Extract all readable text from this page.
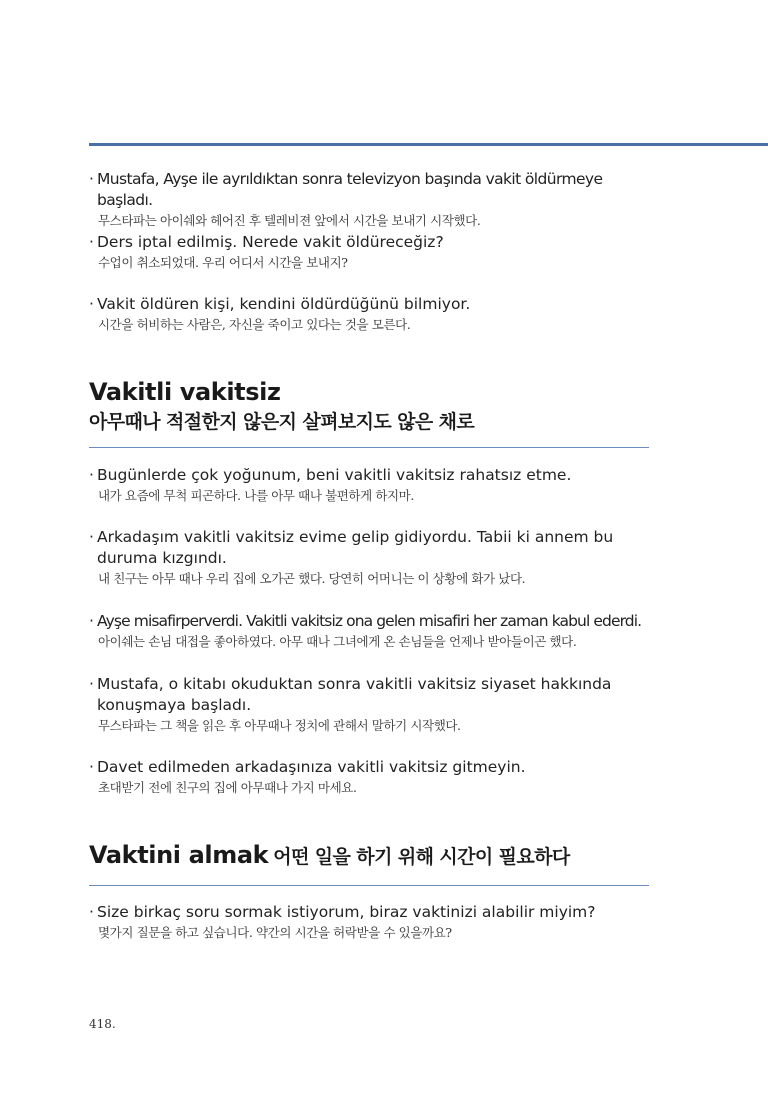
· Mustafa, Ayşe ile ayrıldıktan sonra televizyon başında vakit öldürmeye başladı.
무스타파는 아이쉐와 헤어진 후 텔레비젼 앞에서 시간을 보내기 시작했다.
· Ders iptal edilmiş. Nerede vakit öldüreceğiz?
수업이 취소되었대. 우리 어디서 시간을 보내지?
· Vakit öldüren kişi, kendini öldürdüğünü bilmiyor.
시간을 허비하는 사람은, 자신을 죽이고 있다는 것을 모른다.
Vakitli vakitsiz
아무때나 적절한지 않은지 살펴보지도 않은 채로
· Bugünlerde çok yoğunum, beni vakitli vakitsiz rahatsız etme.
내가 요즘에 무척 피곤하다. 나를 아무 때나 불편하게 하지마.
· Arkadaşım vakitli vakitsiz evime gelip gidiyordu. Tabii ki annem bu duruma kızgındı.
내 친구는 아무 때나 우리 집에 오가곤 했다. 당연히 어머니는 이 상황에 화가 났다.
· Ayşe misafirperverdi. Vakitli vakitsiz ona gelen misafiri her zaman kabul ederdi.
아이쉐는 손님 대접을 좋아하였다. 아무 때나 그녀에게 온 손님들을 언제나 받아들이곤 했다.
· Mustafa, o kitabı okuduktan sonra vakitli vakitsiz siyaset hakkında konuşmaya başladı.
무스타파는 그 책을 읽은 후 아무때나 정치에 관해서 말하기 시작했다.
· Davet edilmeden arkadaşınıza vakitli vakitsiz gitmeyin.
초대받기 전에 친구의 집에 아무때나 가지 마세요.
Vaktini almak 어떤 일을 하기 위해 시간이 필요하다
· Size birkaç soru sormak istiyorum, biraz vaktinizi alabilir miyim?
몇가지 질문을 하고 싶습니다. 약간의 시간을 허락받을 수 있을까요?
418.
